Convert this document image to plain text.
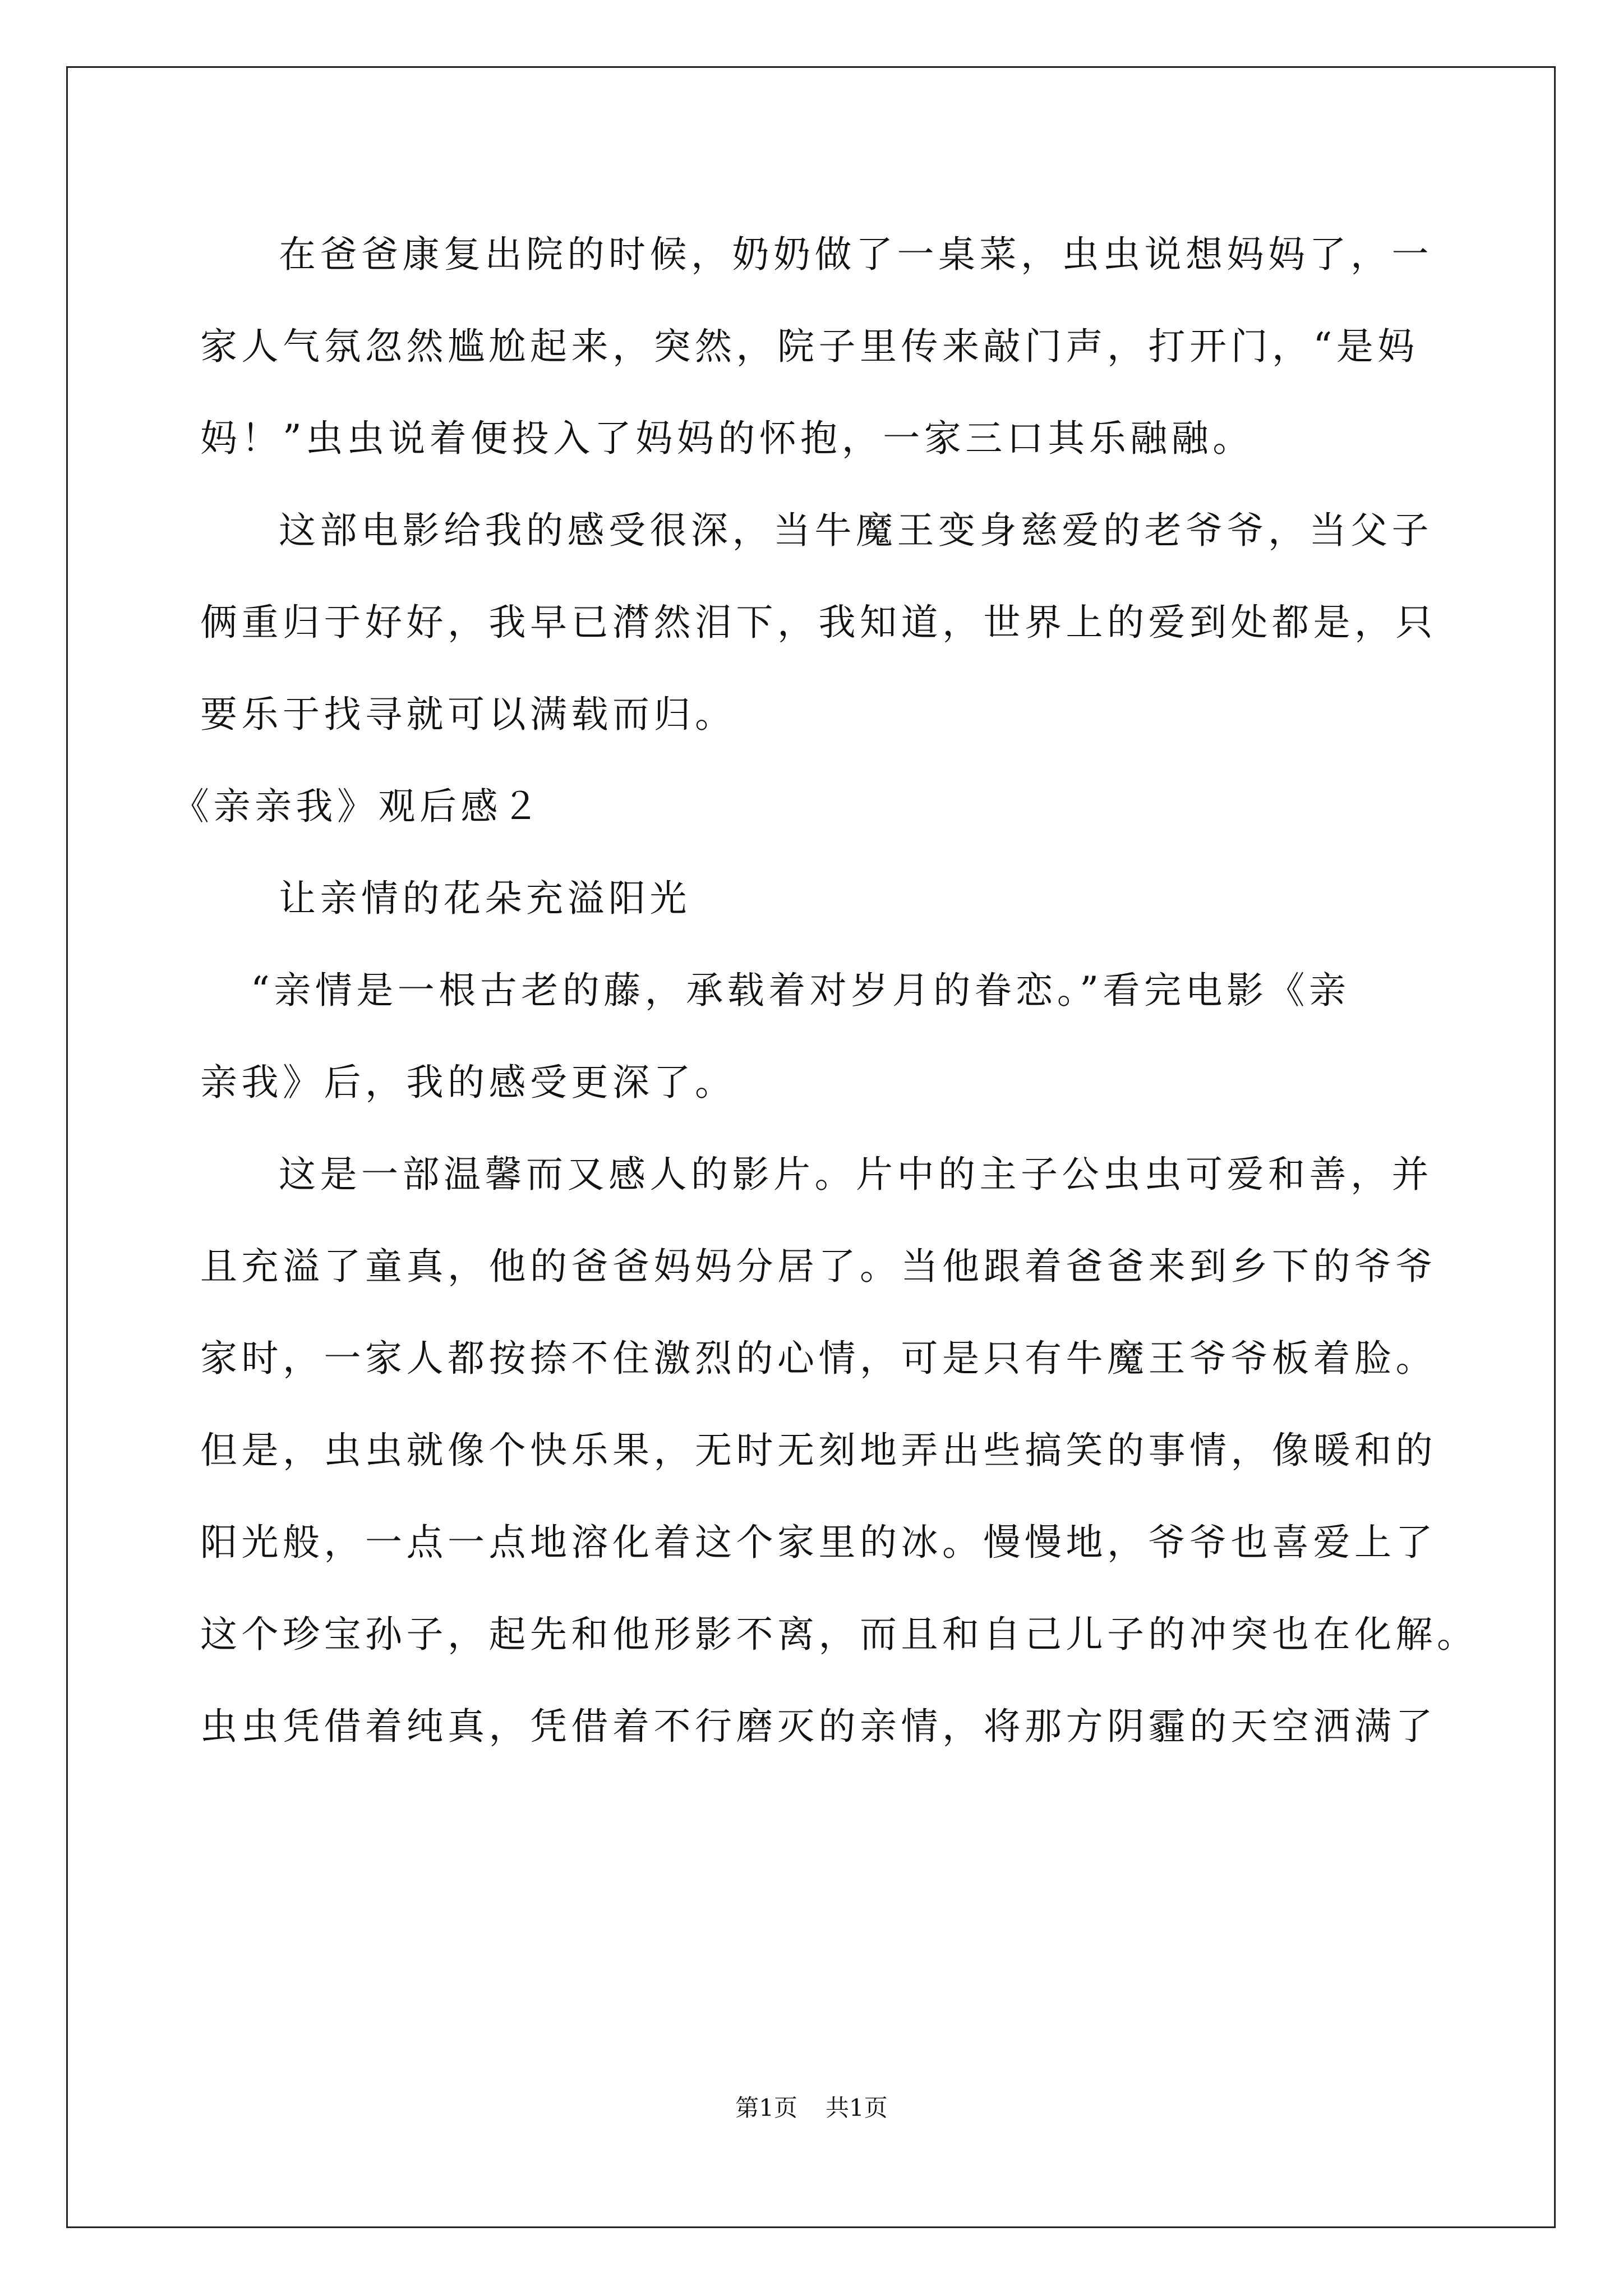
在爸爸康复出院的时候，奶奶做了一桌菜，虫虫说想妈妈了，一
家人气氛忽然尴尬起来，突然，院子里传来敲门声，打开门，“是妈
妈！”虫虫说着便投入了妈妈的怀抱，一家三口其乐融融。
这部电影给我的感受很深，当牛魔王变身慈爱的老爷爷，当父子
俩重归于好好，我早已潸然泪下，我知道，世界上的爱到处都是，只
要乐于找寻就可以满载而归。
《亲亲我》观后感２
让亲情的花朵充溢阳光
“亲情是一根古老的藤，承载着对岁月的眷恋。”看完电影《亲
亲我》后，我的感受更深了。
这是一部温馨而又感人的影片。片中的主子公虫虫可爱和善，并
且充溢了童真，他的爸爸妈妈分居了。当他跟着爸爸来到乡下的爷爷
家时，一家人都按捺不住激烈的心情，可是只有牛魔王爷爷板着脸。
但是，虫虫就像个快乐果，无时无刻地弄出些搞笑的事情，像暖和的
阳光般，一点一点地溶化着这个家里的冰。慢慢地，爷爷也喜爱上了
这个珍宝孙子，起先和他形影不离，而且和自己儿子的冲突也在化解。
虫虫凭借着纯真，凭借着不行磨灭的亲情，将那方阴霾的天空洒满了
第1页 共1页
